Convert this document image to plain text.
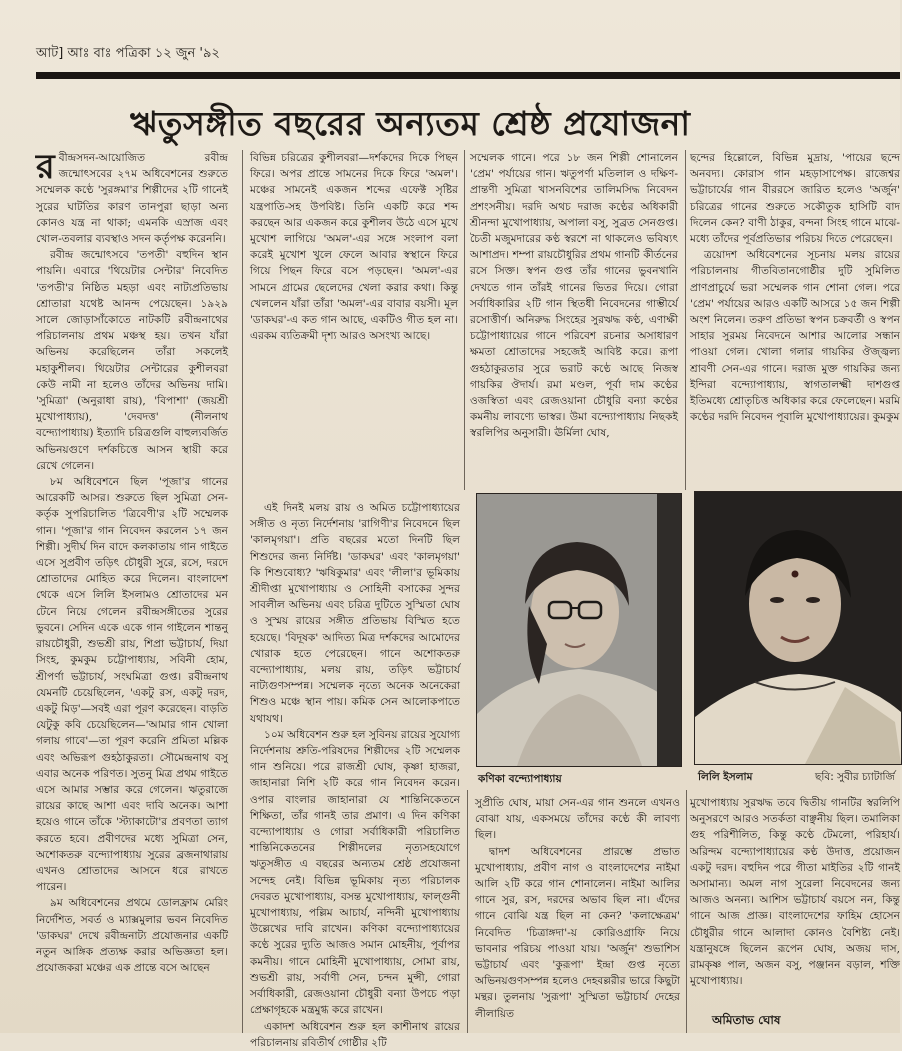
আট] আঃ বাঃ পত্রিকা ১২ জুন '৯২
ঋতুসঙ্গীত বছরের অন্যতম শ্রেষ্ঠ প্রযোজনা

রবীন্দ্রসদন-আয়োজিত রবীন্দ্র জন্মোৎসবের ২৭ম অধিবেশনের শুরুতে সম্মেলক কণ্ঠে 'সুরঙ্গমা'র শিল্পীদের ২টি গানেই সুরের ঘাটতির কারণ তানপুরা ছাড়া অন্য কোনও যন্ত্র না থাকা; এমনকি এস্রাজ এবং খোল-তবলার ব্যবস্থাও সদন কর্তৃপক্ষ করেননি।

রবীন্দ্র জন্মোৎসবে 'তপতী' বহুদিন স্থান পায়নি। এবারে 'থিয়েটার সেন্টার' নিবেদিত 'তপতী'র নিষ্ঠিত মহড়া এবং নাট্যপ্রতিভায় শ্রোতারা যথেষ্ট আনন্দ পেয়েছেন। ১৯২৯ সালে জোড়াসাঁকোতে নাটকটি রবীন্দ্রনাথের পরিচালনায় প্রথম মঞ্চস্থ হয়। তখন যাঁরা অভিনয় করেছিলেন তাঁরা সকলেই মহাকুশীলব। থিয়েটার সেন্টারের কুশীলবরা কেউ নামী না হলেও তাঁদের অভিনয় দামি। 'সুমিত্রা' (অনুরাধা রায়), 'বিপাশা' (জয়শ্রী মুখোপাধ্যায়), 'দেবদত্ত' (নীলনাথ বন্দ্যোপাধ্যায়) ইত্যাদি চরিত্রগুলি বাহুল্যবর্জিত অভিনয়গুণে দর্শকচিত্তে আসন স্থায়ী করে রেখে গেলেন।

৮ম অধিবেশনে ছিল 'পূজা'র গানের আরেকটি আসর। শুরুতে ছিল সুমিত্রা সেন-কর্তৃক সুপরিচালিত 'ত্রিবেণী'র ২টি সম্মেলক গান। 'পূজা'র গান নিবেদন করলেন ১৭ জন শিল্পী। সুদীর্ঘ দিন বাদে কলকাতায় গান গাইতে এসে সুপ্রবীণ তড়িৎ চৌধুরী সুরে, রসে, দরদে শ্রোতাদের মোহিত করে দিলেন। বাংলাদেশ থেকে এসে লিলি ইসলামও শ্রোতাদের মন টেনে নিয়ে গেলেন রবীন্দ্রসঙ্গীতের সুরের ভুবনে। সেদিন একে একে গান গাইলেন শান্তনু রায়চৌধুরী, শুভশ্রী রায়, শিপ্রা ভট্টাচার্য, দিয়া সিংহ, কুমকুম চট্টোপাধ্যায়, সবিনী হোম, শ্রীপর্ণা ভট্টাচার্য, সংঘমিত্রা গুপ্ত। রবীন্দ্রনাথ যেমনটি চেয়েছিলেন, 'একটু রস, একটু দরদ, একটু মিড়'—সবই এরা পূরণ করেছেন। বাড়তি যেটুকু কবি চেয়েছিলেন—'আমার গান খোলা গলায় গাবে'—তা পূরণ করেনি প্রমিতা মল্লিক এবং অভিরূপ গুহঠাকুরতা। সৌমেন্দ্রনাথ বসু এবার অনেক পরিণত। সুতনু মিত্র প্রথম গাইতে এসে আমার সম্ভার করে গেলেন। ঋতুরাজে রায়ের কাছে আশা এবং দাবি অনেক। আশা হয়েও গানে তাঁকে 'স্ট্যাকাটো'র প্রবণতা ত্যাগ করতে হবে। প্রবীণদের মধ্যে সুমিত্রা সেন, অশোকতরু বন্দ্যোপাধ্যায় সুরের ব্রজনাথারায় এখনও শ্রোতাদের আসনে ধরে রাখতে পারেন।

৯ম অধিবেশনের প্রথমে ডোলফ্রাম মেরিং নির্দেশিত, সবর্ত ও ম্যাক্সমুলার ভবন নিবেদিত 'ডাকঘর' দেখে রবীন্দ্রনাট্য প্রযোজনার একটি নতুন আঙ্গিক প্রত্যক্ষ করার অভিজ্ঞতা হল। প্রযোজকরা মঞ্চের এক প্রান্তে বসে আছেন

বিভিন্ন চরিত্রের কুশীলবরা—দর্শকদের দিকে পিছন ফিরে। অপর প্রান্তে সামনের দিকে ফিরে 'অমল'। মঞ্চের সামনেই একজন শব্দের এফেক্ট সৃষ্টির যন্ত্রপাতি-সহ উপবিষ্ট। তিনি একটি করে শব্দ করছেন আর একজন করে কুশীলব উঠে এসে মুখে মুখোশ লাগিয়ে 'অমল'-এর সঙ্গে সংলাপ বলা করেই মুখোশ খুলে ফেলে আবার স্বস্থানে ফিরে গিয়ে পিছন ফিরে বসে পড়ছেন। 'অমল'-এর সামনে গ্রামের ছেলেদের খেলা করার কথা। কিন্তু খেললেন যাঁরা তাঁরা 'অমল'-এর বাবার বয়সী। মূল 'ডাকঘর'-এ কত গান আছে, একটিও গীত হল না। এরকম ব্যতিক্রমী দৃশ্য আরও অসংখ্য আছে।

এই দিনই মলয় রায় ও অমিত চট্টোপাধ্যায়ের সঙ্গীত ও নৃত্য নির্দেশনায় 'রাগিণী'র নিবেদনে ছিল 'কালমৃগয়া'। প্রতি বছরের মতো দিনটি ছিল শিশুদের জন্য নির্দিষ্ট। 'ডাকঘর' এবং 'কালমৃগয়া' কি শিশুবোধ্য? 'ঋষিকুমার' এবং 'লীলা'র ভূমিকায় শ্রীদীপ্তা মুখোপাধ্যায় ও সোহিনী বসাকের সুন্দর সাবলীল অভিনয় এবং চরিত্র দুটিতে সুস্মিতা ঘোষ ও সুস্ময় রায়ের সঙ্গীত প্রতিভায় বিস্মিত হতে হয়েছে। 'বিদূষক' আদিত্য মিত্র দর্শকদের আমোদের খোরাক হতে পেরেছেন। গানে অশোকতরু বন্দ্যোপাধ্যায়, মলয় রায়, তড়িৎ ভট্টাচার্য নাট্যগুণসম্পন্ন। সম্মেলক নৃত্যে অনেক অনেকেরা শিশুও মঞ্চে স্থান পায়। কমিক সেন আলোকপাতে যথাযথ।

১০ম অধিবেশন শুরু হল সুবিনয় রায়ের সুযোগ্য নির্দেশনায় শ্রুতি-পরিষদের শিল্পীদের ২টি সম্মেলক গান শুনিয়ে। পরে রাজশ্রী ঘোষ, কৃষ্ণা হাজরা, জাহানারা নিশি ২টি করে গান নিবেদন করেন। ওপার বাংলার জাহানারা যে শান্তিনিকেতনে শিক্ষিতা, তাঁর গানই তার প্রমাণ। এ দিন কণিকা বন্দ্যোপাধ্যায় ও গোরা সর্বাধিকারী পরিচালিত শান্তিনিকেতনের শিল্পীদলের নৃত্যসহযোগে ঋতুসঙ্গীত এ বছরের অন্যতম শ্রেষ্ঠ প্রযোজনা সন্দেহ নেই। বিভিন্ন ভূমিকায় নৃত্য পরিচালক দেবরত মুখোপাধ্যায়, বসন্ত মুখোপাধ্যায়, ফাল্গুনী মুখোপাধ্যায়, পল্লিম আচার্য, নন্দিনী মুখোপাধ্যায় উল্লেখের দাবি রাখেন। কণিকা বন্দ্যোপাধ্যায়ের কণ্ঠে সুরের দ্যুতি আজও সমান মোহনীয়, পূর্বাপর কমনীয়। গানে মোহিনী মুখোপাধ্যায়, সোমা রায়, শুভশ্রী রায়, সর্বাণী সেন, চন্দন মুন্সী, গোরা সর্বাধিকারী, রেজওয়ানা চৌধুরী বন্যা উপচে পড়া প্রেক্ষাগৃহকে মন্ত্রমুগ্ধ করে রাখেন।

একাদশ অধিবেশন শুরু হল কাশীনাথ রায়ের পরিচালনায় রবিতীর্থ গোষ্ঠীর ২টি

সম্মেলক গানে। পরে ১৮ জন শিল্পী শোনালেন 'প্রেম' পর্যায়ের গান। ঋতুপর্ণা মতিলাল ও দক্ষিণ-প্রান্তণী সুমিত্রা খাসনবিশের তালিমসিদ্ধ নিবেদন প্রশংসনীয়। দরদি অথচ দরাজ কণ্ঠের অধিকারী শ্রীনন্দা মুখোপাধ্যায়, অপালা বসু, সুব্রত সেনগুপ্ত। চৈতী মজুমদারের কণ্ঠ স্বরশে না থাকলেও ভবিষ্যৎ আশাপ্রদ। শম্পা রায়চৌধুরির প্রথম গানটি কীর্তনের রসে সিক্ত। স্বপন গুপ্ত তাঁর গানের ভুবনখানি দেখতে গান তাঁরই গানের ভিতর দিয়ে। গোরা সর্বাধিকারির ২টি গান স্থিতধী নিবেদনের গাম্ভীর্যে রসোত্তীর্ণ। অনিরুদ্ধ সিংহের সুরঋদ্ধ কণ্ঠ, এণাক্ষী চট্টোপাধ্যায়ের গানে পরিবেশ রচনার অসাধারণ ক্ষমতা শ্রোতাদের সহজেই আবিষ্ট করে। রূপা গুহঠাকুরতার সুরে ভরাট কণ্ঠে আছে নিজস্ব গায়কির ঔদার্য। রমা মণ্ডল, পূর্বা দাম কণ্ঠের ওজস্বিতা এবং রেজওয়ানা চৌধুরি বন্যা কণ্ঠের কমনীয় লাবণ্যে ভাস্বর। উমা বন্দ্যোপাধ্যায় নিছকই স্বরলিপির অনুসারী। ঊর্মিলা ঘোষ,

ছন্দের হিল্লোলে, বিভিন্ন মুদ্রায়, 'পায়ের ছন্দে অনবদ্য। কোরাস গান মহড়াসাপেক্ষ। রাজেশ্বর ভট্টাচার্যের গান বীররসে জারিত হলেও 'অর্জুন' চরিত্রের গানের শুরুতে সকৌতুক হাসিটি বাদ দিলেন কেন? বাণী ঠাকুর, বন্দনা সিংহ গানে মাঝে-মধ্যে তাঁদের পূর্বপ্রতিভার পরিচয় দিতে পেরেছেন।

ত্রয়োদশ অধিবেশনের সূচনায় মলয় রায়ের পরিচালনায় গীতবিতানগোষ্ঠীর দুটি সুমিলিত প্রাণপ্রাচুর্যে ভরা সম্মেলক গান শোনা গেল। পরে 'প্রেম' পর্যায়ের আরও একটি আসরে ১৫ জন শিল্পী অংশ নিলেন। তরুণ প্রতিভা স্বপন চক্রবর্তী ও স্বপন সাহার সুরময় নিবেদনে আশার আলোর সন্ধান পাওয়া গেল। খোলা গলার গায়কির ঔজ্জ্বল্য শ্রাবণী সেন-এর গানে। দরাজ মুক্ত গায়কির জন্য ইন্দিরা বন্দ্যোপাধ্যায়, স্বাগতালক্ষ্মী দাশগুপ্ত ইতিমধ্যে শ্রোতৃচিত্ত অধিকার করে ফেলেছেন। মরমি কণ্ঠের দরদি নিবেদন পূবালি মুখোপাধ্যায়ের। কুমকুম

কণিকা বন্দ্যোপাধ্যায়	লিলি ইসলাম	ছবি: সুবীর চ্যাটার্জি

সুপ্রীতি ঘোষ, মায়া সেন-এর গান শুনলে এখনও বোঝা যায়, একসময়ে তাঁদের কণ্ঠে কী লাবণ্য ছিল।

দ্বাদশ অধিবেশনের প্রারম্ভে প্রভাত মুখোপাধ্যায়, প্রবীণ নাগ ও বাংলাদেশের নাইমা আলি ২টি করে গান শোনালেন। নাইমা আলির গানে সুর, রস, দরদের অভাব ছিল না। এঁদের গানে বোঝি যন্ত্র ছিল না কেন? 'কলাক্ষেত্রম' নিবেদিত 'চিত্রাঙ্গদা'-য় কোরিওগ্রাফি নিয়ে ভাবনার পরিচয় পাওয়া যায়। 'অর্জুন' শুভাশিস ভট্টাচার্য এবং 'কুরূপা' ইন্দ্রা গুপ্ত নৃত্যে অভিনয়গুণসম্পন্ন হলেও দেহবল্লরীর ভারে কিছুটা মন্থর। তুলনায় 'সুরূপা' সুস্মিতা ভট্টাচার্য দেহের লীলায়িত

মুখোপাধ্যায় সুরঋদ্ধ তবে দ্বিতীয় গানটির স্বরলিপি অনুসরণে আরও সতর্কতা বাঞ্ছনীয় ছিল। তমালিকা গুহ পরিশীলিত, কিন্তু কণ্ঠে টেমলো, পরিহার্য। অরিন্দম বন্দ্যোপাধ্যায়ের কণ্ঠ উদাত্ত, প্রয়োজন একটু দরদ। বহুদিন পরে গীতা মাইতির ২টি গানই অসামান্য। অমল নাগ সুরেলা নিবেদনের জন্য আজও অনন্য। আশিস ভট্টাচার্য বয়সে নন, কিন্তু গানে আজ প্রাজ্ঞ। বাংলাদেশের ফাহিম হোসেন চৌধুরীর গানে আলাদা কোনও বৈশিষ্ট্য নেই। যন্ত্রানুষঙ্গে ছিলেন রূপেন ঘোষ, অজয় দাস, রামকৃষ্ণ পাল, অজন বসু, পঞ্জানন বড়াল, শক্তি মুখোপাধ্যায়।

অমিতাভ ঘোষ
